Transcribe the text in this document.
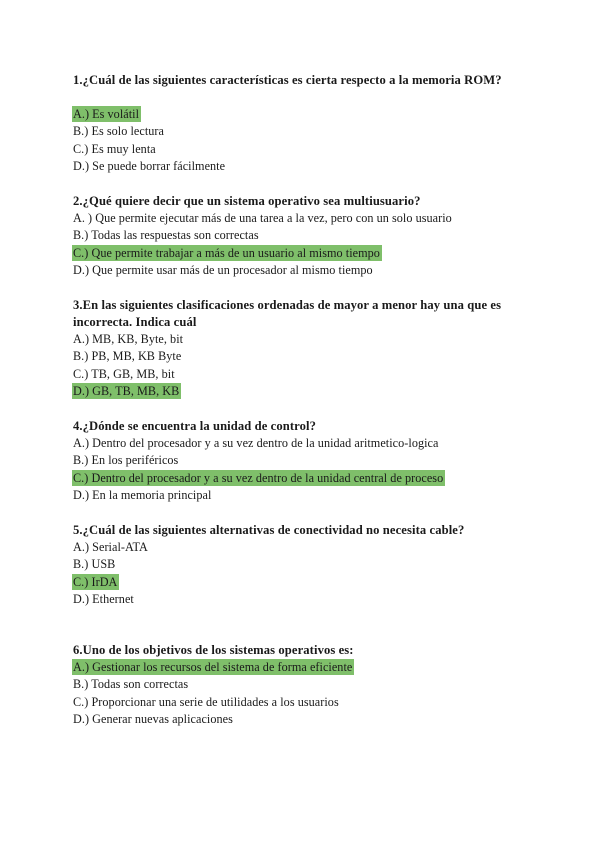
1.¿Cuál de las siguientes características es cierta respecto a la memoria ROM?

A.) Es volátil

B.) Es solo lectura

C.) Es muy lenta

D.) Se puede borrar fácilmente

2.¿Qué quiere decir que un sistema operativo sea multiusuario?

A. ) Que permite ejecutar más de una tarea a la vez, pero con un solo usuario

B.) Todas las respuestas son correctas

C.) Que permite trabajar a más de un usuario al mismo tiempo

D.) Que permite usar más de un procesador al mismo tiempo

3.En las siguientes clasificaciones ordenadas de mayor a menor hay una que es incorrecta. Indica cuál

A.) MB, KB, Byte, bit

B.) PB, MB, KB Byte

C.) TB, GB, MB, bit

D.) GB, TB, MB, KB

4.¿Dónde se encuentra la unidad de control?

A.) Dentro del procesador y a su vez dentro de la unidad aritmetico-logica

B.) En los periféricos

C.) Dentro del procesador y a su vez dentro de la unidad central de proceso

D.) En la memoria principal

5.¿Cuál de las siguientes alternativas de conectividad no necesita cable?

A.) Serial-ATA

B.) USB

C.) IrDA

D.) Ethernet

6.Uno de los objetivos de los sistemas operativos es:

A.) Gestionar los recursos del sistema de forma eficiente

B.) Todas son correctas

C.) Proporcionar una serie de utilidades a los usuarios

D.) Generar nuevas aplicaciones
